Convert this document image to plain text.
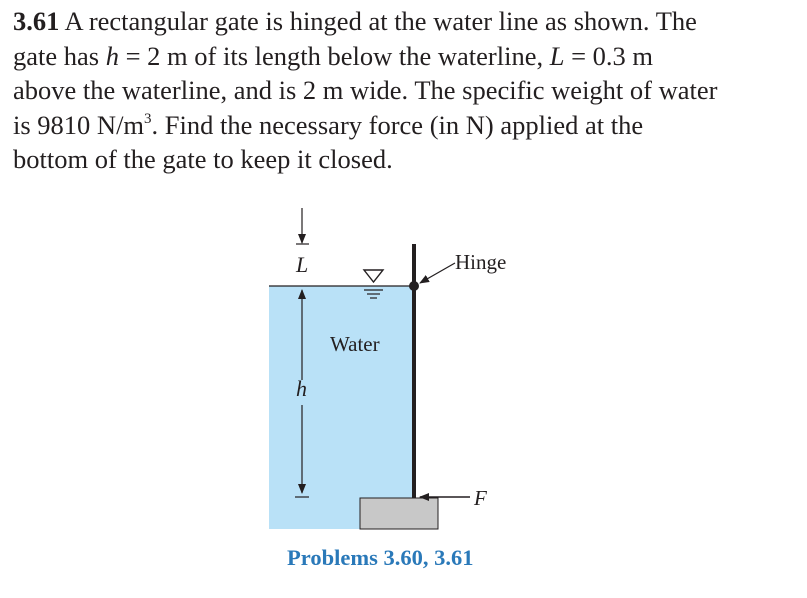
3.61 A rectangular gate is hinged at the water line as shown. The
gate has h = 2 m of its length below the waterline, L = 0.3 m
above the waterline, and is 2 m wide. The specific weight of water
is 9810 $N/m^3$. Find the necessary force (in N) applied at the
bottom of the gate to keep it closed.

L
h
Water
Hinge
F
Problems 3.60, 3.61
